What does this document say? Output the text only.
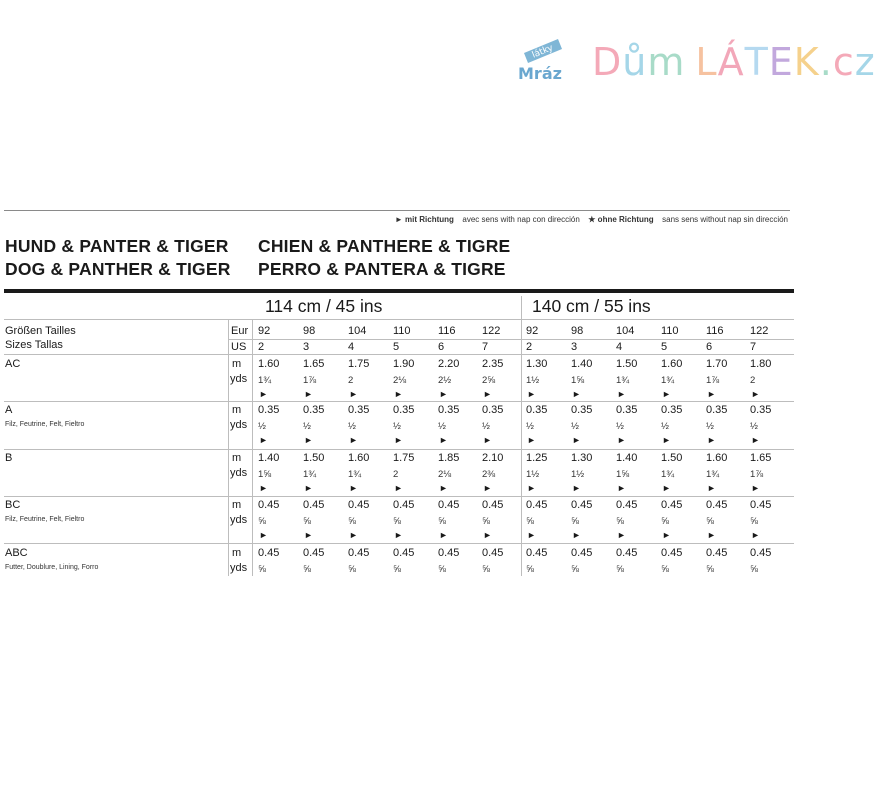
látky
Mráz Dům LÁTEK.cz
► mit Richtung avec sens with nap con dirección ★ ohne Richtung sans sens without nap sin dirección
HUND & PANTER & TIGER CHIEN & PANTHERE & TIGRE
DOG & PANTHER & TIGER PERRO & PANTERA & TIGRE
114 cm / 45 ins	140 cm / 55 ins
Größen Tailles
Sizes Tallas
Eur
US
92	98	104 110 116 122 92	98	104 110 116 122
2	3	4	5	6	7	2	3	4	5	6	7
AC	m
yds
1.60 1.65 1.75 1.90 2.20 2.35 1.30 1.40 1.50 1.60 1.70 1.80
1¾	1⅞	2	2⅛	2½	2⅝	1½	1⅝	1¾	1¾	1⅞	2
►	►	►	►	►	►	►	►	►	►	►	►
A
Filz, Feutrine, Felt, Fieltro
m
yds
0.35 0.35 0.35 0.35 0.35 0.35 0.35 0.35 0.35 0.35 0.35 0.35
½	½	½	½	½	½	½	½	½	½	½	½
►	►	►	►	►	►	►	►	►	►	►	►
B	m
yds
1.40 1.50 1.60 1.75 1.85 2.10 1.25 1.30 1.40 1.50 1.60 1.65
1⅝	1¾	1¾	2	2⅛	2⅜	1½	1½	1⅝	1¾	1¾	1⅞
►	►	►	►	►	►	►	►	►	►	►	►
BC
Filz, Feutrine, Felt, Fieltro
m
yds
0.45 0.45 0.45 0.45 0.45 0.45 0.45 0.45 0.45 0.45 0.45 0.45
⅝	⅝	⅝	⅝	⅝	⅝	⅝	⅝	⅝	⅝	⅝	⅝
►	►	►	►	►	►	►	►	►	►	►	►
ABC
Futter, Doublure, Lining, Forro
m
yds
0.45 0.45 0.45 0.45 0.45 0.45 0.45 0.45 0.45 0.45 0.45 0.45
⅝	⅝	⅝	⅝	⅝	⅝	⅝	⅝	⅝	⅝	⅝	⅝
